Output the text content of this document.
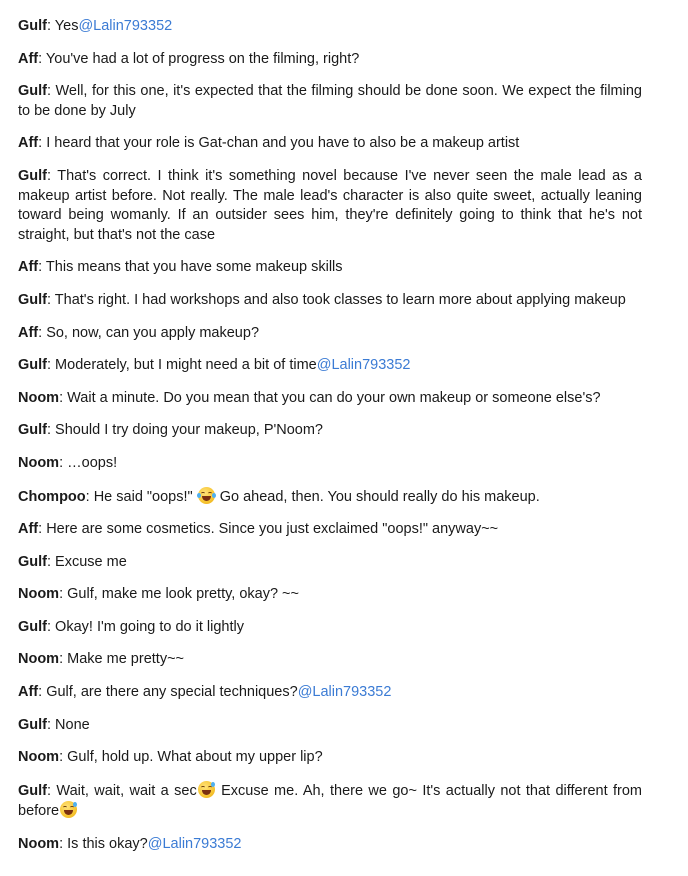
Gulf: Yes@Lalin793352

Aff: You've had a lot of progress on the filming, right?

Gulf: Well, for this one, it's expected that the filming should be done soon. We expect the filming to be done by July

Aff: I heard that your role is Gat-chan and you have to also be a makeup artist

Gulf: That's correct. I think it's something novel because I've never seen the male lead as a makeup artist before. Not really. The male lead's character is also quite sweet, actually leaning toward being womanly. If an outsider sees him, they're definitely going to think that he's not straight, but that's not the case

Aff: This means that you have some makeup skills

Gulf: That's right. I had workshops and also took classes to learn more about applying makeup

Aff: So, now, can you apply makeup?

Gulf: Moderately, but I might need a bit of time@Lalin793352

Noom: Wait a minute. Do you mean that you can do your own makeup or someone else's?

Gulf: Should I try doing your makeup, P'Noom?

Noom: …oops!

Chompoo: He said "oops!"
Go ahead, then. You should really do his makeup.

Aff: Here are some cosmetics. Since you just exclaimed "oops!" anyway~~

Gulf: Excuse me

Noom: Gulf, make me look pretty, okay? ~~

Gulf: Okay! I'm going to do it lightly

Noom: Make me pretty~~

Aff: Gulf, are there any special techniques?@Lalin793352

Gulf: None

Noom: Gulf, hold up. What about my upper lip?

Gulf: Wait, wait, wait a sec
Excuse me. Ah, there we go~ It's actually not that different from before

Noom: Is this okay?@Lalin793352
